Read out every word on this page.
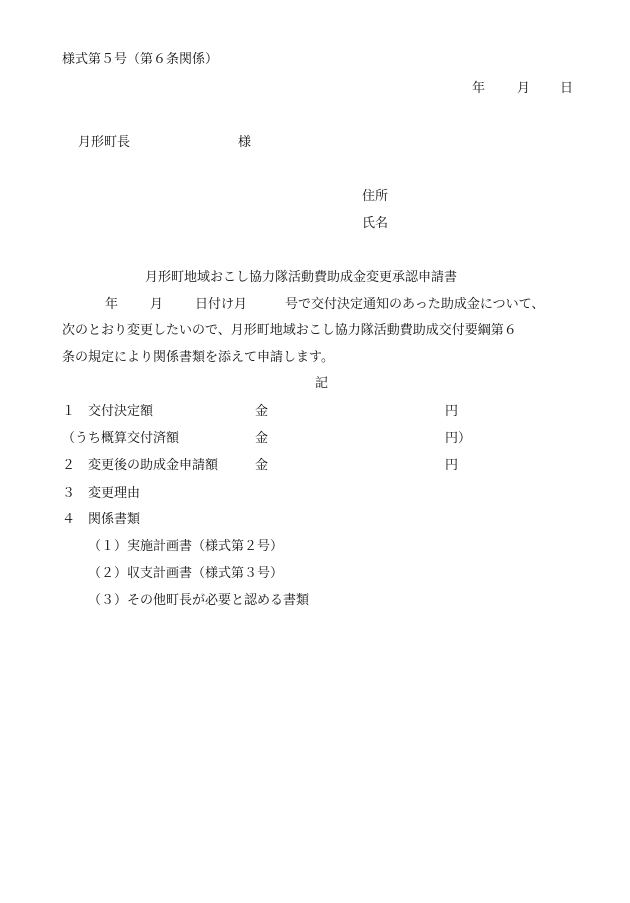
様式第５号（第６条関係）
年 月 日
月形町長	様
住所
氏名
月形町地域おこし協力隊活動費助成金変更承認申請書
年 月 日付け月	号で交付決定通知のあった助成金について、
次のとおり変更したいので、月形町地域おこし協力隊活動費助成交付要綱第６
条の規定により関係書類を添えて申請します。
記
１　交付決定額	金	円
（うち概算交付済額	金	円）
２　変更後の助成金申請額	金	円
３　変更理由
４　関係書類
（１）実施計画書（様式第２号）
（２）収支計画書（様式第３号）
（３）その他町長が必要と認める書類
